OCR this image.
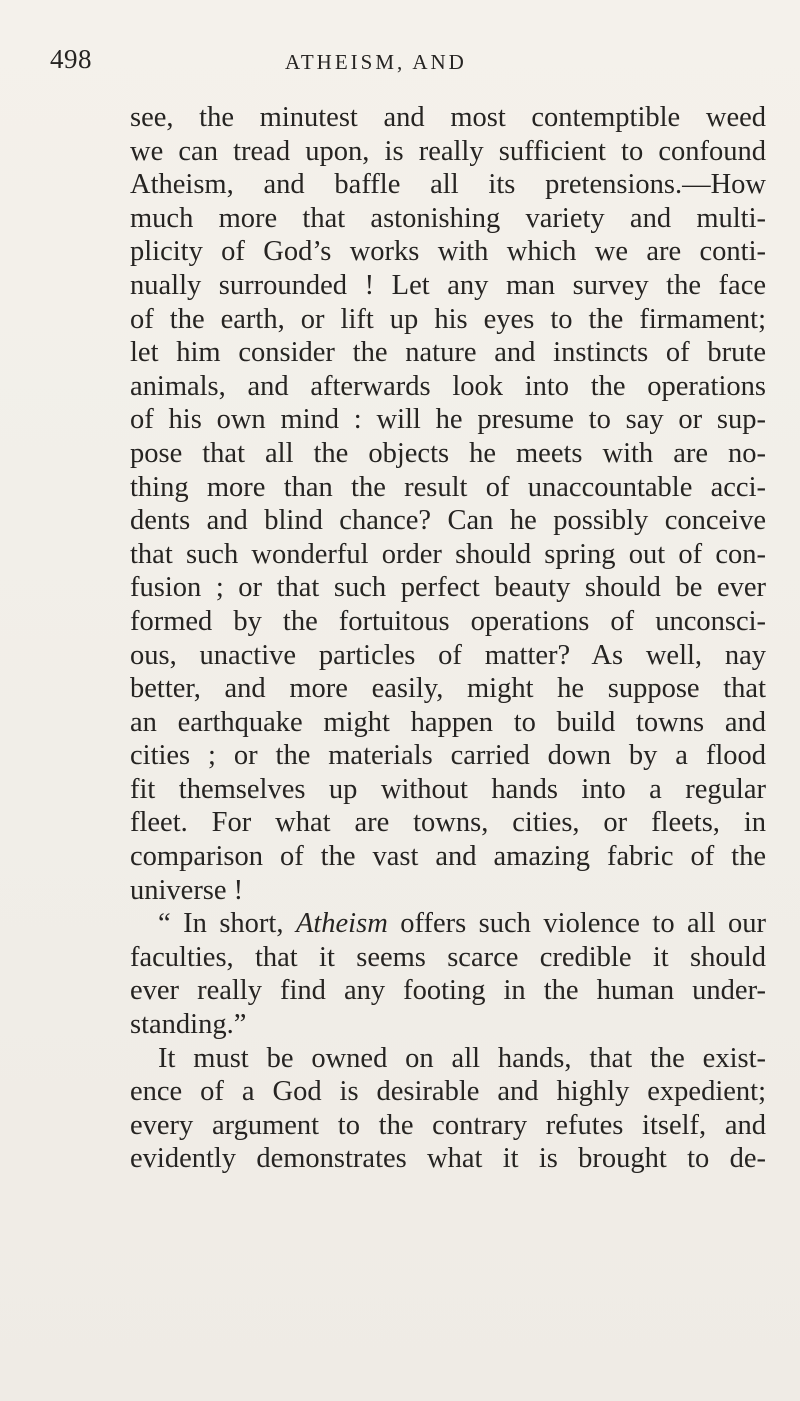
498	ATHEISM, AND
see, the minutest and most contemptible weed
we can tread upon, is really sufficient to confound
Atheism, and baffle all its pretensions.—How
much more that astonishing variety and multi-
plicity of God’s works with which we are conti-
nually surrounded ! Let any man survey the face
of the earth, or lift up his eyes to the firmament;
let him consider the nature and instincts of brute
animals, and afterwards look into the operations
of his own mind : will he presume to say or sup-
pose that all the objects he meets with are no-
thing more than the result of unaccountable acci-
dents and blind chance? Can he possibly conceive
that such wonderful order should spring out of con-
fusion ; or that such perfect beauty should be ever
formed by the fortuitous operations of unconsci-
ous, unactive particles of matter? As well, nay
better, and more easily, might he suppose that
an earthquake might happen to build towns and
cities ; or the materials carried down by a flood
fit themselves up without hands into a regular
fleet. For what are towns, cities, or fleets, in
comparison of the vast and amazing fabric of the
universe !
“ In short, Atheism offers such violence to all our
faculties, that it seems scarce credible it should
ever really find any footing in the human under-
standing.”
It must be owned on all hands, that the exist-
ence of a God is desirable and highly expedient;
every argument to the contrary refutes itself, and
evidently demonstrates what it is brought to de-
